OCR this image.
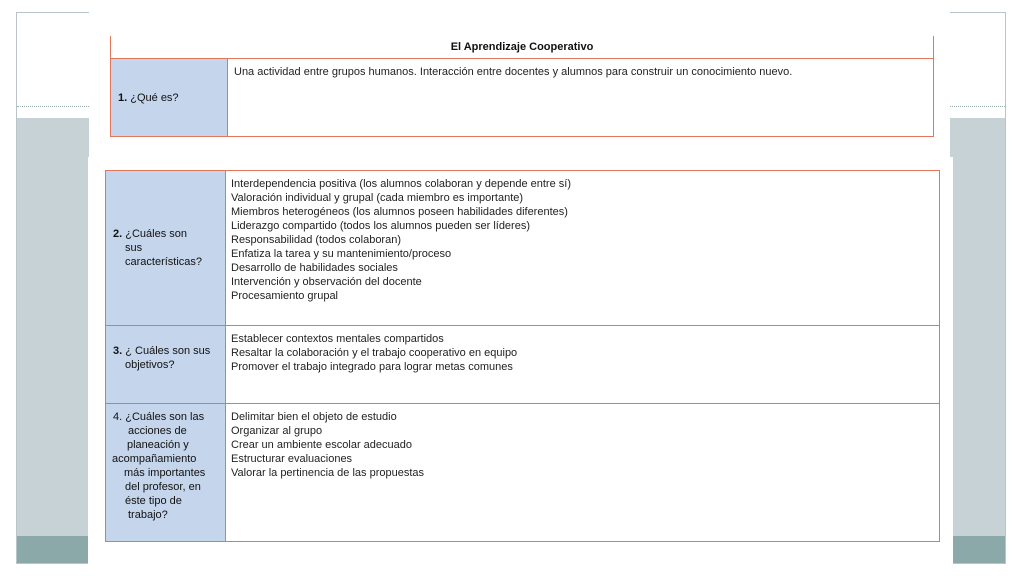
El Aprendizaje Cooperativo
1. ¿Qué es?
Una actividad entre grupos humanos. Interacción entre docentes y alumnos para construir un conocimiento nuevo.
2. ¿Cuáles son
sus
características?
Interdependencia positiva (los alumnos colaboran y depende entre sí)
Valoración individual y grupal (cada miembro es importante)
Miembros heterogéneos (los alumnos poseen habilidades diferentes)
Liderazgo compartido (todos los alumnos pueden ser líderes)
Responsabilidad (todos colaboran)
Enfatiza la tarea y su mantenimiento/proceso
Desarrollo de habilidades sociales
Intervención y observación del docente
Procesamiento grupal
3. ¿ Cuáles son sus
objetivos?
Establecer contextos mentales compartidos
Resaltar la colaboración y el trabajo cooperativo en equipo
Promover el trabajo integrado para lograr metas comunes
4. ¿Cuáles son las
acciones de
planeación y
acompañamiento
más importantes
del profesor, en
éste tipo de
trabajo?
Delimitar bien el objeto de estudio
Organizar al grupo
Crear un ambiente escolar adecuado
Estructurar evaluaciones
Valorar la pertinencia de las propuestas
